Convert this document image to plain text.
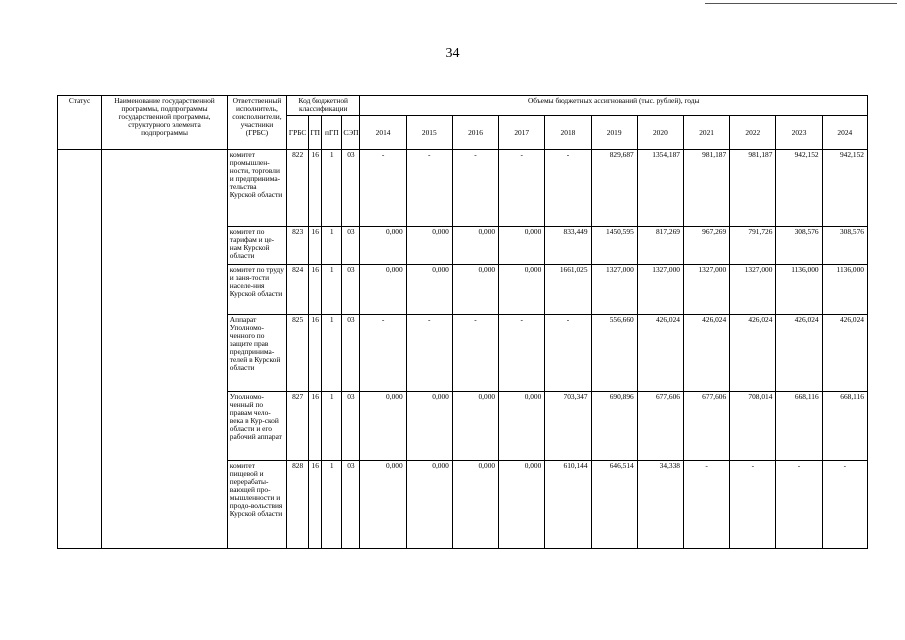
34
Статус	Наименование государственной программы, подпрограммы государственной программы, структурного элемента подпрограммы	Ответственный исполнитель, соисполнители, участники (ГРБС)	Код бюджетной классификации				Объемы бюджетных ассигнований (тыс. рублей), годы										
			ГРБС	ГП	пГП	СЭП	2014	2015	2016	2017	2018	2019	2020	2021	2022	2023	2024
		комитет промышлен-ности, торговли и предпринима-тельства Курской области	822	16	1	03	-	-	-	-	-	829,687	1354,187	981,187	981,187	942,152	942,152
		комитет по тарифам и це-нам Курской области	823	16	1	03	0,000	0,000	0,000	0,000	833,449	1450,595	817,269	967,269	791,726	308,576	308,576
		комитет по труду и заня-тости населе-ния Курской области	824	16	1	03	0,000	0,000	0,000	0,000	1661,025	1327,000	1327,000	1327,000	1327,000	1136,000	1136,000
		Аппарат Уполномо-ченного по защите прав предпринима-телей в Курской области	825	16	1	03	-	-	-	-	-	556,660	426,024	426,024	426,024	426,024	426,024
		Уполномо-ченный по правам чело-века в Кур-ской области и его рабочий аппарат	827	16	1	03	0,000	0,000	0,000	0,000	703,347	690,896	677,606	677,606	708,014	668,116	668,116
		комитет пищевой и перерабаты-вающей про-мышленности и продо-вольствия Курской области	828	16	1	03	0,000	0,000	0,000	0,000	610,144	646,514	34,338	-	-	-	-
